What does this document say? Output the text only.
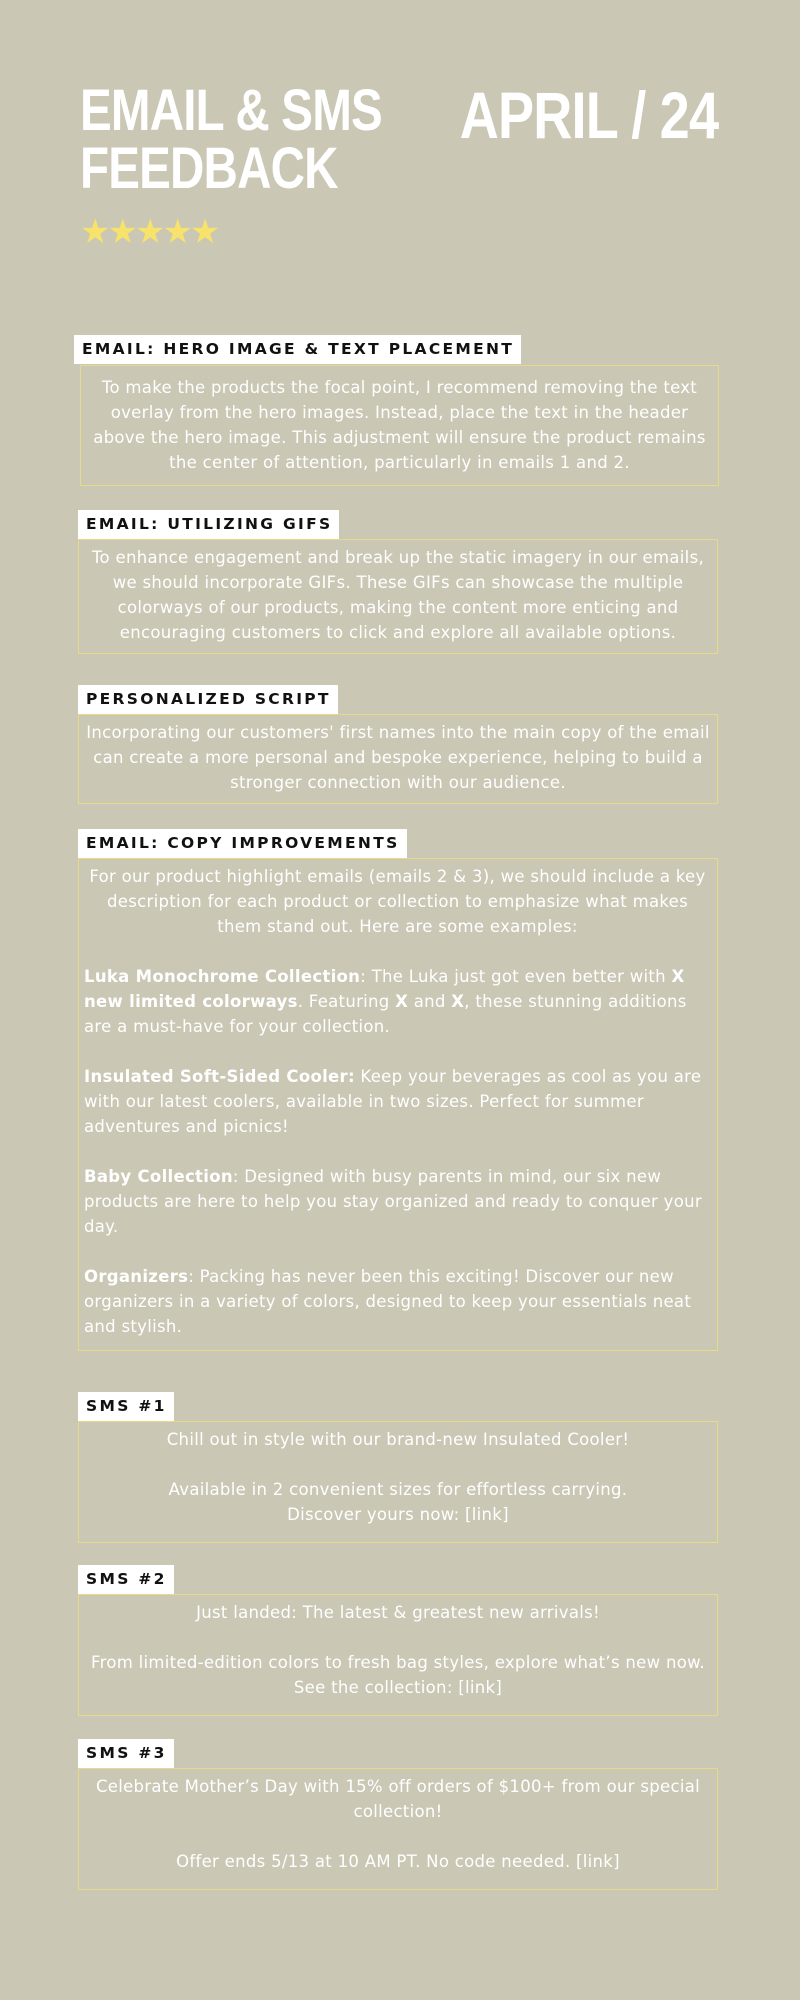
EMAIL & SMS
FEEDBACK
APRIL / 24
★★★★★
EMAIL: HERO IMAGE & TEXT PLACEMENT

To make the products the focal point, I recommend removing the text overlay from the hero images. Instead, place the text in the header above the hero image. This adjustment will ensure the product remains the center of attention, particularly in emails 1 and 2.

EMAIL: UTILIZING GIFS

To enhance engagement and break up the static imagery in our emails, we should incorporate GIFs. These GIFs can showcase the multiple colorways of our products, making the content more enticing and encouraging customers to click and explore all available options.

PERSONALIZED SCRIPT

Incorporating our customers' first names into the main copy of the email can create a more personal and bespoke experience, helping to build a stronger connection with our audience.

EMAIL: COPY IMPROVEMENTS

For our product highlight emails (emails 2 & 3), we should include a key description for each product or collection to emphasize what makes them stand out. Here are some examples:

Luka Monochrome Collection: The Luka just got even better with X new limited colorways. Featuring X and X, these stunning additions are a must-have for your collection.

Insulated Soft-Sided Cooler: Keep your beverages as cool as you are with our latest coolers, available in two sizes. Perfect for summer adventures and picnics!

Baby Collection: Designed with busy parents in mind, our six new products are here to help you stay organized and ready to conquer your day.

Organizers: Packing has never been this exciting! Discover our new organizers in a variety of colors, designed to keep your essentials neat and stylish.

SMS #1

Chill out in style with our brand-new Insulated Cooler!

Available in 2 convenient sizes for effortless carrying.

Discover yours now: [link]

SMS #2

Just landed: The latest & greatest new arrivals!

From limited-edition colors to fresh bag styles, explore what’s new now.

See the collection: [link]

SMS #3

Celebrate Mother’s Day with 15% off orders of $100+ from our special collection!

Offer ends 5/13 at 10 AM PT. No code needed. [link]
